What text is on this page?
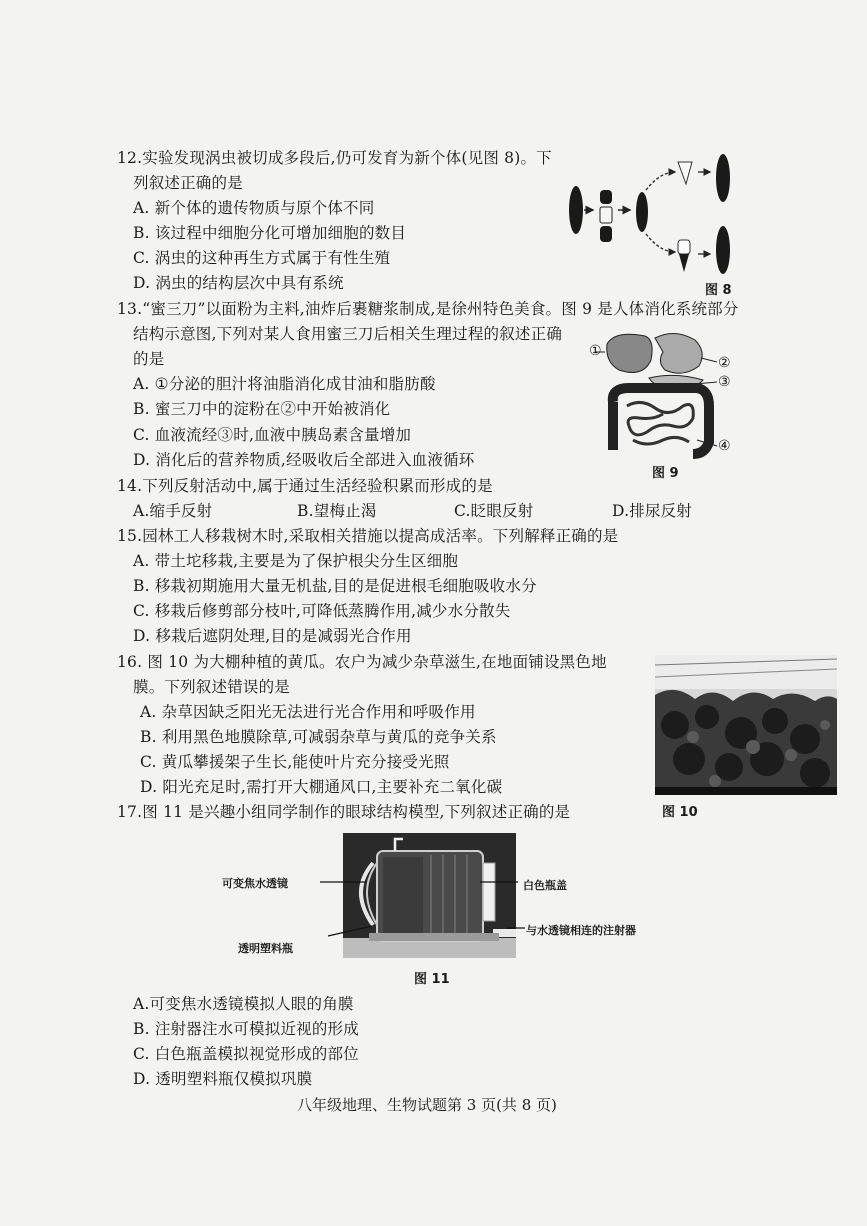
12.实验发现涡虫被切成多段后,仍可发育为新个体(见图 8)。下
列叙述正确的是
A. 新个体的遗传物质与原个体不同
B. 该过程中细胞分化可增加细胞的数目
C. 涡虫的这种再生方式属于有性生殖
D. 涡虫的结构层次中具有系统	图 8
13.“蜜三刀”以面粉为主料,油炸后裹糖浆制成,是徐州特色美食。图 9 是人体消化系统部分
结构示意图,下列对某人食用蜜三刀后相关生理过程的叙述正确
的是
A. ①分泌的胆汁将油脂消化成甘油和脂肪酸
B. 蜜三刀中的淀粉在②中开始被消化
C. 血液流经③时,血液中胰岛素含量增加
D. 消化后的营养物质,经吸收后全部进入血液循环
①
②
③
④
图 9
14.下列反射活动中,属于通过生活经验积累而形成的是
A.缩手反射	B.望梅止渴	C.眨眼反射	D.排尿反射
15.园林工人移栽树木时,采取相关措施以提高成活率。下列解释正确的是
A. 带土坨移栽,主要是为了保护根尖分生区细胞
B. 移栽初期施用大量无机盐,目的是促进根毛细胞吸收水分
C. 移栽后修剪部分枝叶,可降低蒸腾作用,减少水分散失
D. 移栽后遮阴处理,目的是减弱光合作用
16. 图 10 为大棚种植的黄瓜。农户为减少杂草滋生,在地面铺设黑色地
膜。下列叙述错误的是
A. 杂草因缺乏阳光无法进行光合作用和呼吸作用
B. 利用黑色地膜除草,可减弱杂草与黄瓜的竞争关系
C. 黄瓜攀援架子生长,能使叶片充分接受光照
D. 阳光充足时,需打开大棚通风口,主要补充二氧化碳
图 10
17.图 11 是兴趣小组同学制作的眼球结构模型,下列叙述正确的是
可变焦水透镜
透明塑料瓶
白色瓶盖
与水透镜相连的注射器
图 11
A.可变焦水透镜模拟人眼的角膜
B. 注射器注水可模拟近视的形成
C. 白色瓶盖模拟视觉形成的部位
D. 透明塑料瓶仅模拟巩膜
八年级地理、生物试题第 3 页(共 8 页)
